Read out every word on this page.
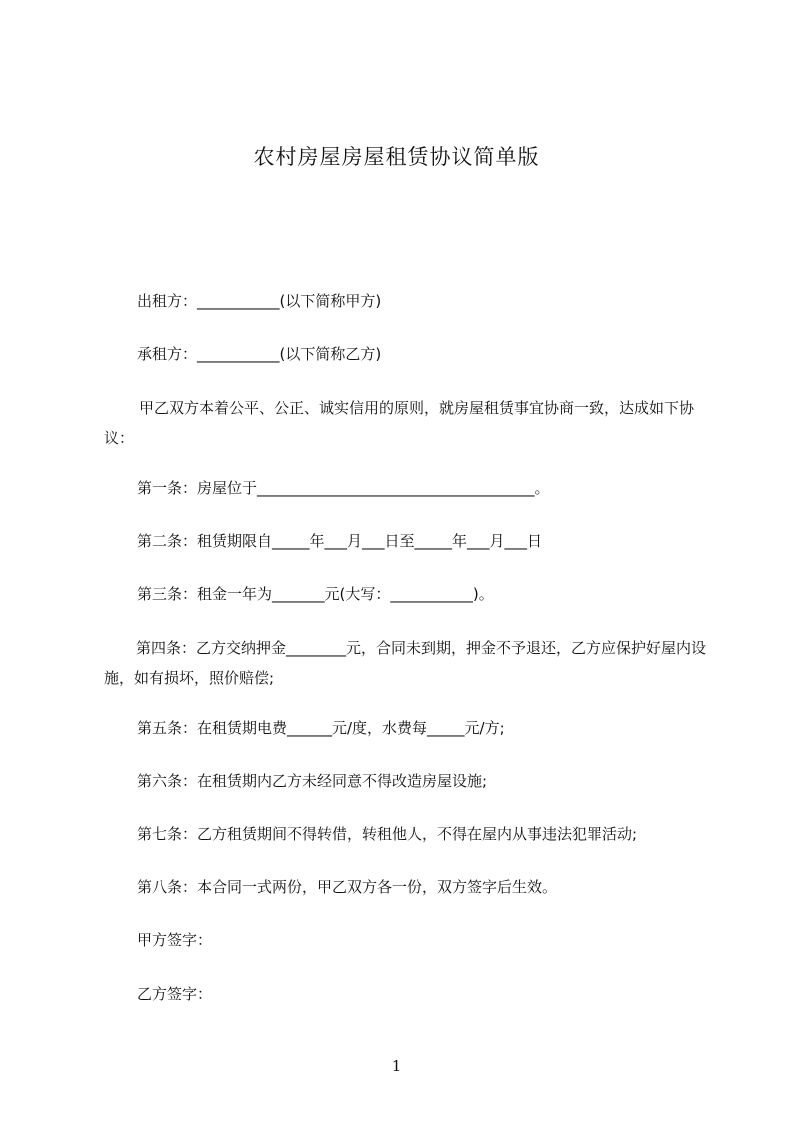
农村房屋房屋租赁协议简单版
出租方：___________(以下简称甲方)
承租方：___________(以下简称乙方)
甲乙双方本着公平、公正、诚实信用的原则，就房屋租赁事宜协商一致，达成如下协议：
第一条：房屋位于_____________________________________。
第二条：租赁期限自_____年___月___日至_____年___月___日
第三条：租金一年为_______元(大写：___________)。
第四条：乙方交纳押金________元，合同未到期，押金不予退还，乙方应保护好屋内设施，如有损坏，照价赔偿;
第五条：在租赁期电费______元/度，水费每_____元/方;
第六条：在租赁期内乙方未经同意不得改造房屋设施;
第七条：乙方租赁期间不得转借，转租他人，不得在屋内从事违法犯罪活动;
第八条：本合同一式两份，甲乙双方各一份，双方签字后生效。
甲方签字：
乙方签字：
1
